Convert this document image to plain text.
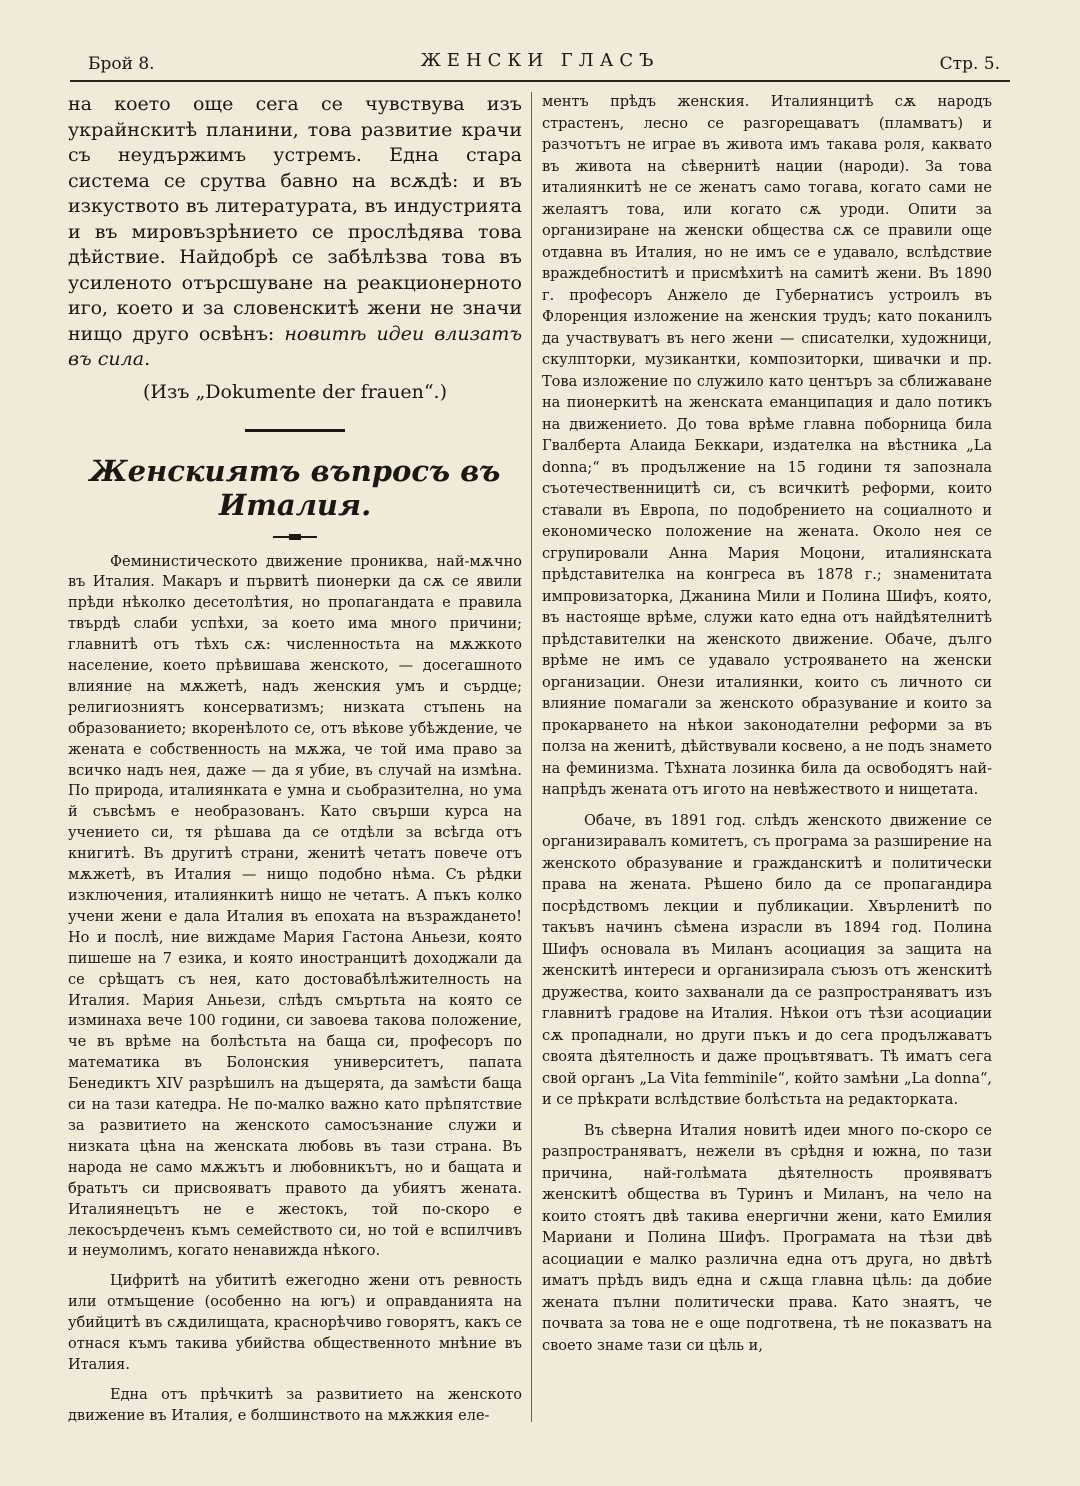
Брой 8.	ЖЕНСКИ ГЛАСЪ	Стр. 5.

на което още сега се чувствува изъ украйнскитѣ планини, това развитие крачи съ неудържимъ устремъ. Една стара система се срутва бавно на всѫдѣ: и въ изкуството въ литературата, въ индустрията и въ мировъзрѣнието се прослѣдява това дѣйствие. Найдобрѣ се забѣлѣзва това въ усиленото отърсшуване на реакционерното иго, което и за словенскитѣ жени не значи нищо друго освѣнъ: новитѣ идеи влизатъ въ сила.

(Изъ „Dokumente der frauen“.)
Женскиятъ въпросъ въ Италия.

Феминистическото движение прониква, най-мѫчно въ Италия. Макаръ и първитѣ пионерки да сѫ се явили прѣди нѣколко десетолѣтия, но пропагандата е правила твърдѣ слаби успѣхи, за което има много причини; главнитѣ отъ тѣхъ сѫ: численностьта на мѫжкото население, което прѣвишава женското, — досегашното влияние на мѫжетѣ, надъ женския умъ и сърдце; религиозниятъ консерватизмъ; низката стъпень на образованието; вкоренѣлото се, отъ вѣкове убѣждение, че жената е собственность на мѫжа, че той има право за всичко надъ нея, даже — да я убие, въ случай на измѣна. По природа, италиянката е умна и сьобразителна, но ума й съвсѣмъ е необразованъ. Като свърши курса на учението си, тя рѣшава да се отдѣли за всѣгда отъ книгитѣ. Въ другитѣ страни, женитѣ четатъ повече отъ мѫжетѣ, въ Италия — нищо подобно нѣма. Съ рѣдки изключения, италиянкитѣ нищо не четатъ. А пъкъ колко учени жени е дала Италия въ епохата на възраждането! Но и послѣ, ние виждаме Мария Гастона Аньези, която пишеше на 7 езика, и която иностранцитѣ доходжали да се срѣщатъ съ нея, като достовабѣлѣжителность на Италия. Мария Аньези, слѣдъ смъртьта на която се изминаха вече 100 години, си завоева такова положение, че въ врѣме на болѣстьта на баща си, професоръ по математика въ Болонския университетъ, папата Бенедиктъ XIV разрѣшилъ на дъщерята, да замѣсти баща си на тази катедра. Не по-малко важно като прѣпятствие за развитието на женското самосъзнание служи и низката цѣна на женската любовь въ тази страна. Въ народа не само мѫжътъ и любовникътъ, но и бащата и братьтъ си присвояватъ правото да убиятъ жената. Италиянецътъ не е жестокъ, той по-скоро е лекосърдеченъ къмъ семейството си, но той е вспилчивъ и неумолимъ, когато ненавижда нѣкого.

Цифритѣ на убититѣ ежегодно жени отъ ревность или отмъщение (особенно на югъ) и оправданията на убийцитѣ въ сѫдилищата, краснорѣчиво говорятъ, какъ се отнася къмъ такива убийства общественното мнѣние въ Италия.

Една отъ прѣчкитѣ за развитието на женското движение въ Италия, е болшинството на мѫжкия еле-

ментъ прѣдъ женския. Италиянцитѣ сѫ народъ страстенъ, лесно се разгорещаватъ (пламватъ) и разчотътъ не играе въ живота имъ такава роля, каквато въ живота на сѣвернитѣ нации (народи). За това италиянкитѣ не се женатъ само тогава, когато сами не желаятъ това, или когато сѫ уроди. Опити за организиране на женски общества сѫ се правили още отдавна въ Италия, но не имъ се е удавало, вслѣдствие враждебноститѣ и присмѣхитѣ на самитѣ жени. Въ 1890 г. професоръ Анжело де Губернатисъ устроилъ въ Флоренция изложение на женския трудъ; като поканилъ да участвуватъ въ него жени — списателки, художници, скулпторки, музикантки, композиторки, шивачки и пр. Това изложение по служило като центъръ за сближаване на пионеркитѣ на женската еманципация и дало потикъ на движението. До това врѣме главна поборница била Гвалберта Алаида Беккари, издателка на вѣстника „La donna;“ въ продължение на 15 години тя запознала съотечественницитѣ си, съ всичкитѣ реформи, които ставали въ Европа, по подобрението на социалното и економическо положение на жената. Около нея се сгрупировали Анна Мария Моцони, италиянската прѣдставителка на конгреса въ 1878 г.; знаменитата импровизаторка, Джанина Мили и Полина Шифъ, която, въ настояще врѣме, служи като една отъ найдѣятелнитѣ прѣдставителки на женското движение. Обаче, дълго врѣме не имъ се удавало устрояването на женски организации. Онези италиянки, които съ личното си влияние помагали за женското образувание и които за прокарването на нѣкои законодателни реформи за въ полза на женитѣ, дѣйствували косвено, а не подъ знамето на феминизма. Тѣхната лозинка била да освободятъ най-напрѣдъ жената отъ игото на невѣжеството и нищетата.

Обаче, въ 1891 год. слѣдъ женското движение се организиравалъ комитетъ, съ програма за разширение на женското образувание и гражданскитѣ и политически права на жената. Рѣшено било да се пропагандира посрѣдствомъ лекции и публикации. Хвърленитѣ по такъвъ начинъ сѣмена израсли въ 1894 год. Полина Шифъ основала въ Миланъ асоциация за защита на женскитѣ интереси и организирала съюзъ отъ женскитѣ дружества, които захванали да се разпространяватъ изъ главнитѣ градове на Италия. Нѣкои отъ тѣзи асоциации сѫ пропаднали, но други пъкъ и до сега продължаватъ своята дѣятелность и даже процъвтяватъ. Тѣ иматъ сега свой органъ „La Vita femminile“, който замѣни „La donna“, и се прѣкрати вслѣдствие болѣстьта на редакторката.

Въ сѣверна Италия новитѣ идеи много по-скоро се разпространяватъ, нежели въ срѣдня и южна, по тази причина, най-голѣмата дѣятелность проявяватъ женскитѣ общества въ Туринъ и Миланъ, на чело на които стоятъ двѣ такива енергични жени, като Емилия Мариани и Полина Шифъ. Програмата на тѣзи двѣ асоциации е малко различна една отъ друга, но двѣтѣ иматъ прѣдъ видъ една и сѫща главна цѣль: да добие жената пълни политически права. Като знаятъ, че почвата за това не е още подготвена, тѣ не показватъ на своето знаме тази си цѣль и,
